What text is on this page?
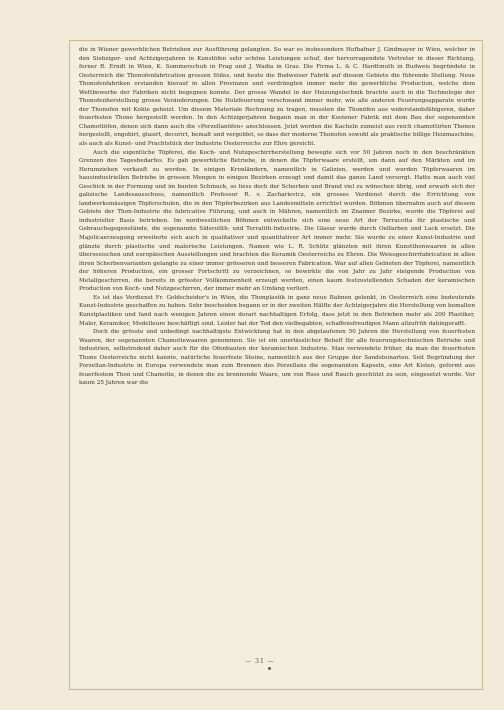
die in Wiener gewerblichen Betrieben zur Ausführung gelangten. So war es insbesondere Hofhafner J. Gindmayer in Wien, welcher in den Siebziger- und Achtzigerjahren in Kunstöfen sehr schöne Leistungen schuf, der hervorragendste Vertreter in dieser Richtung, ferner R. Erndt in Wien, K. Sommerschuh in Prag und J. Wadia in Graz. Die Firma L. & C. Hardtmuth in Budweis begründete in Oesterreich die Thonofenfabrication grossen Stiles, und heute die Budweiser Fabrik auf diesem Gebiete die führende Stellung. Neue Thonofenfabriken erstanden hierauf in allen Provinzen und verdrängten immer mehr die gewerbliche Production, welche dem Wettbewerbe der Fabriken nicht begegnen konnte. Der grosse Wandel in der Heizungstechnik brachte auch in die Technologie der Thonofenherstellung grosse Veränderungen. Die Holzfeuerung verschwand immer mehr, wie alle anderen Feuerungsapparate wurde der Thonofen mit Kohle geheizt. Um diesem Materiale Rechnung zu tragen, mussten die Thonöfen aus widerstandsfähigeren, daher feuerfesten Thone hergestellt werden. In den Achtzigerjahren begann man in der Kostener Fabrik mit dem Bau der sogenannten Chamottöfen, denen sich dann auch die »Porzellanöfen« anschlossen. Jetzt werden die Kacheln zumeist aus reich chamottirten Thonen hergestellt, engobirt, glasirt, decorirt, bemalt und vergoldet, so dass der moderne Thonofen sowohl als praktische billige Heizmaschine, als auch als Kunst- und Prachtstück der Industrie Oesterreichs zur Ehre gereicht.

Auch die eigentliche Töpferei, die Koch- und Nutzgeschirrherstellung bewegte sich vor 50 Jahren noch in den beschränkten Grenzen des Tagesbedarfes. Es gab gewerbliche Betriebe, in denen die Töpferwaare erstellt, um dann auf den Märkten und im Herumziehen verkauft zu werden. In einigen Kronländern, namentlich in Galizien, werden und wurden Töpferwaaren im hausindustriellen Betriebe in grossen Mengen in einigen Bezirken erzeugt und damit das ganze Land versorgt. Hatte man auch viel Geschick in der Formung und im bunten Schmuck, so liess doch der Scherben und Brand viel zu wünschen übrig, und erwarb sich der galizische Landesausschuss, namentlich Professor R. v. Zacharievicz, ein grosses Verdienst durch die Errichtung von landwerksmässigen Töpferschulen, die in den Töpferbezirken aus Landesmitteln errichtet wurden. Böhmen übernahm auch auf diesem Gebiete der Thon-Industrie die fabricative Führung, und auch in Mähren, namentlich im Znaimer Bezirke, wurde die Töpferei auf industrieller Basis betrieben. Im nordwestlichen Böhmen entwickelte sich eine neue Art der Terracotta für plastische und Gebrauchsgegenstände, die sogenannte Siderolith- und Terralith-Industrie. Die Glasur wurde durch Oelfarben und Lack ersetzt. Die Majolicaerzeugung erweiterte sich auch in qualitativer und quantitativer Art immer mehr. Sie wurde zu einer Kunst-Industrie und glänzte durch plastische und malerische Leistungen. Namen wie L. R. Schütz glänzten mit ihren Kunstthonwaaren in allen überseeischen und europäischen Ausstellungen und brachten die Keramik Oesterreichs zu Ehren. Die Weissgeschirrfabrication in allen ihren Scherbenvarianten gelangte zu einer immer grösseren und besseren Fabrication. War auf allen Gebieten der Töpferei, namentlich der höheren Production, ein grosser Fortschritt zu verzeichnen, so bewirkte die von Jahr zu Jahr steigende Production von Metallgeschirren, die bereits in grösster Vollkommenheit erzeugt werden, einen kaum festzustellenden Schaden der keramischen Production von Koch- und Nutzgeschirren, der immer mehr an Umfang verliert.

Es ist das Verdienst Fr. Goldscheider's in Wien, die Thonplastik in ganz neue Bahnen gelenkt, in Oesterreich eine bedeutende Kunst-Industrie geschaffen zu haben. Sehr bescheiden begann er in der zweiten Hälfte der Achtzigerjahre die Herstellung von bemalten Kunstplastiken und fand nach wenigen Jahren einen derart nachhaltigen Erfolg, dass jetzt in den Betrieben mehr als 200 Plastiker, Maler, Keramiker, Modelleure beschäftigt sind. Leider hat der Tod den vielbegabten, schaffensfreudigen Mann allzufrüh dahingerafft.

Doch die grösste und unbedingt nachhaltigste Entwicklung hat in den abgelaufenen 50 Jahren die Herstellung von feuerfesten Waaren, der sogenannten Chamottewaaren genommen. Sie ist ein unerlässlicher Behelf für alle feuerungstechnischen Betriebe und Industrien, selbstredend daher auch für die Ofenbauten der keramischen Industrie. Man verwendete früher, da man die feuerfesten Thone Oesterreichs nicht kannte, natürliche feuerfeste Steine, namentlich aus der Gruppe der Sandsteinarten. Seit Begründung der Porzellan-Industrie in Europa verwendete man zum Brennen des Porzellans die sogenannten Kapseln, eine Art Kisten, geformt aus feuerfestem Thon und Chamotte, in denen die zu brennende Waare, um von Russ und Rauch geschützt zu sein, eingesetzt wurde. Vor kaum 25 Jahren war die

— 31 —
